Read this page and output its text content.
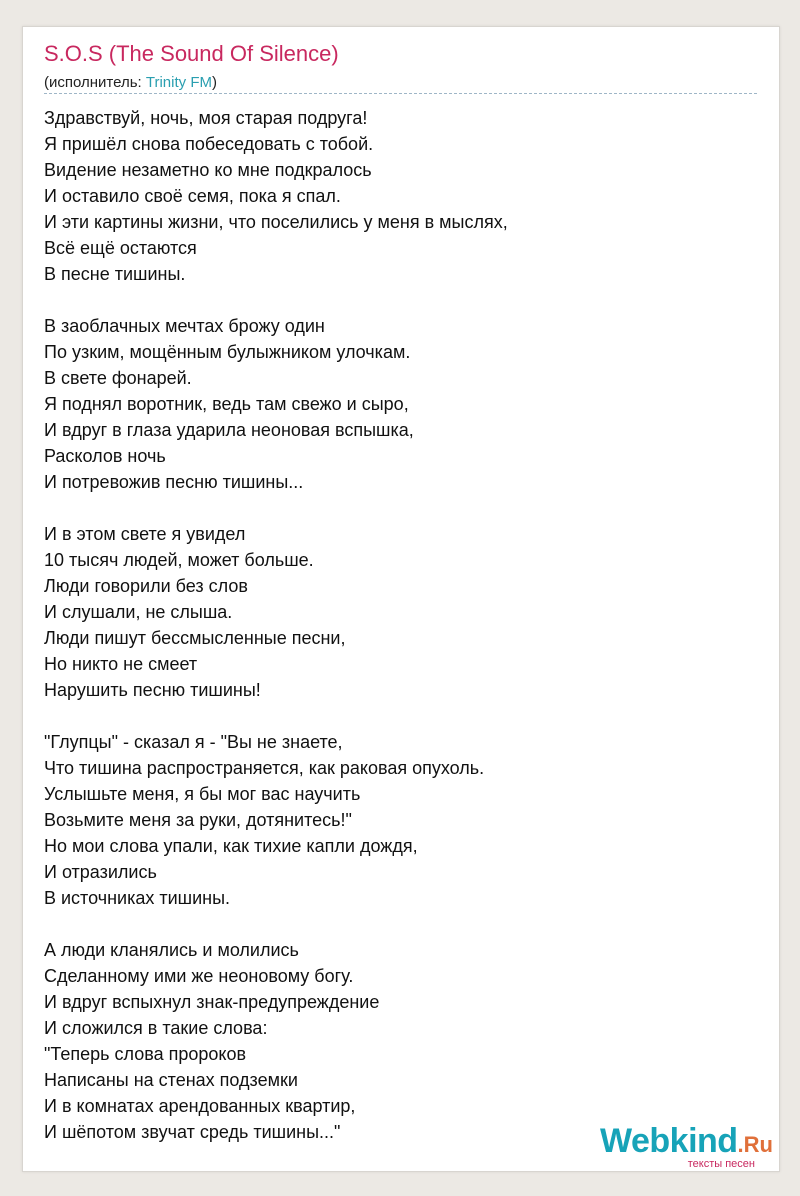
S.O.S (The Sound Of Silence)
(исполнитель: Trinity FM)
Здравствуй, ночь, моя старая подруга!
Я пришёл снова побеседовать с тобой.
Видение незаметно ко мне подкралось
И оставило своё семя, пока я спал.
И эти картины жизни, что поселились у меня в мыслях,
Всё ещё остаются
В песне тишины.
В заоблачных мечтах брожу один
По узким, мощённым булыжником улочкам.
В свете фонарей.
Я поднял воротник, ведь там свежо и сыро,
И вдруг в глаза ударила неоновая вспышка,
Расколов ночь
И потревожив песню тишины...
И в этом свете я увидел
10 тысяч людей, может больше.
Люди говорили без слов
И слушали, не слыша.
Люди пишут бессмысленные песни,
Но никто не смеет
Нарушить песню тишины!
"Глупцы" - сказал я - "Вы не знаете,
Что тишина распространяется, как раковая опухоль.
Услышьте меня, я бы мог вас научить
Возьмите меня за руки, дотянитесь!"
Но мои слова упали, как тихие капли дождя,
И отразились
В источниках тишины.
А люди кланялись и молились
Сделанному ими же неоновому богу.
И вдруг вспыхнул знак-предупреждение
И сложился в такие слова:
"Теперь слова пророков
Написаны на стенах подземки
И в комнатах арендованных квартир,
И шёпотом звучат средь тишины..."	Webkind.Ru
тексты песен
